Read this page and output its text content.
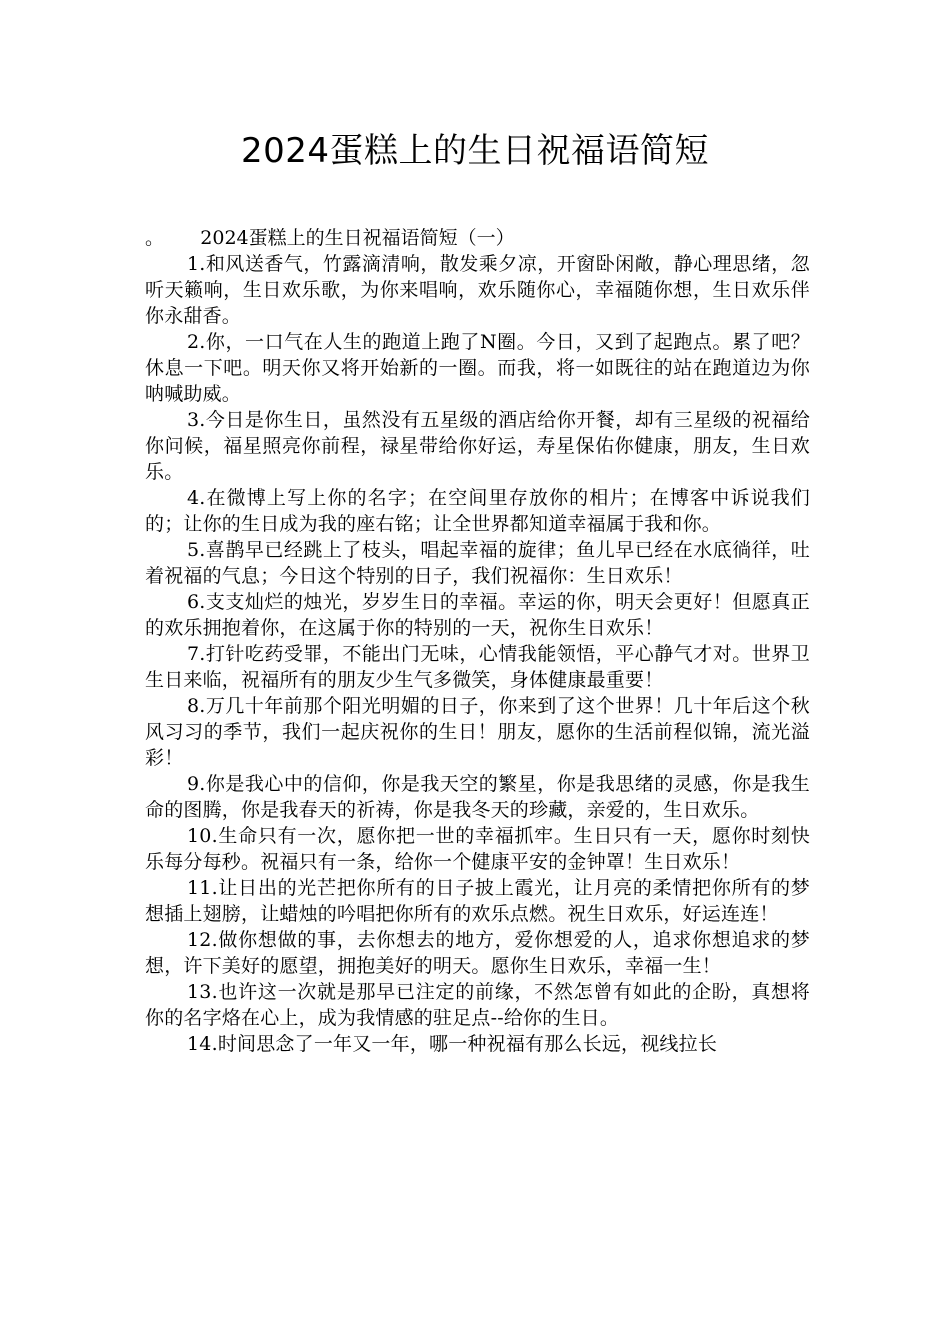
2024蛋糕上的生日祝福语简短

。 2024蛋糕上的生日祝福语简短（一）

1.和风送香气，竹露滴清响，散发乘夕凉，开窗卧闲敞，静心理思绪，忽听天籁响，生日欢乐歌，为你来唱响，欢乐随你心，幸福随你想，生日欢乐伴你永甜香。

2.你，一口气在人生的跑道上跑了N圈。今日，又到了起跑点。累了吧？休息一下吧。明天你又将开始新的一圈。而我，将一如既往的站在跑道边为你呐喊助威。

3.今日是你生日，虽然没有五星级的酒店给你开餐，却有三星级的祝福给你问候，福星照亮你前程，禄星带给你好运，寿星保佑你健康，朋友，生日欢乐。

4.在微博上写上你的名字；在空间里存放你的相片；在博客中诉说我们的；让你的生日成为我的座右铭；让全世界都知道幸福属于我和你。

5.喜鹊早已经跳上了枝头，唱起幸福的旋律；鱼儿早已经在水底徜徉，吐着祝福的气息；今日这个特别的日子，我们祝福你：生日欢乐！

6.支支灿烂的烛光，岁岁生日的幸福。幸运的你，明天会更好！但愿真正的欢乐拥抱着你，在这属于你的特别的一天，祝你生日欢乐！

7.打针吃药受罪，不能出门无味，心情我能领悟，平心静气才对。世界卫生日来临，祝福所有的朋友少生气多微笑，身体健康最重要！

8.万几十年前那个阳光明媚的日子，你来到了这个世界！几十年后这个秋风习习的季节，我们一起庆祝你的生日！朋友，愿你的生活前程似锦，流光溢彩！

9.你是我心中的信仰，你是我天空的繁星，你是我思绪的灵感，你是我生命的图腾，你是我春天的祈祷，你是我冬天的珍藏，亲爱的，生日欢乐。

10.生命只有一次，愿你把一世的幸福抓牢。生日只有一天，愿你时刻快乐每分每秒。祝福只有一条，给你一个健康平安的金钟罩！生日欢乐！

11.让日出的光芒把你所有的日子披上霞光，让月亮的柔情把你所有的梦想插上翅膀，让蜡烛的吟唱把你所有的欢乐点燃。祝生日欢乐，好运连连！

12.做你想做的事，去你想去的地方，爱你想爱的人，追求你想追求的梦想，许下美好的愿望，拥抱美好的明天。愿你生日欢乐，幸福一生！

13.也许这一次就是那早已注定的前缘，不然怎曾有如此的企盼，真想将你的名字烙在心上，成为我情感的驻足点--给你的生日。

14.时间思念了一年又一年，哪一种祝福有那么长远，视线拉长
